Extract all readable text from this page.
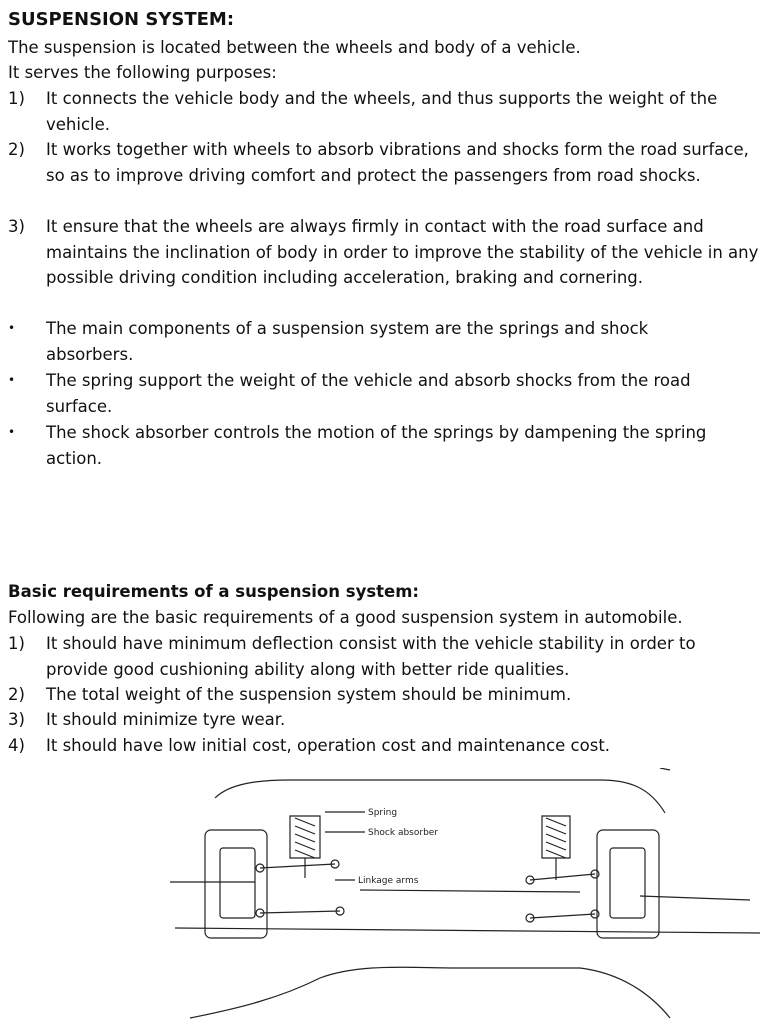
SUSPENSION SYSTEM:
The suspension is located between the wheels and body of a vehicle.
It serves the following purposes:
1) It connects the vehicle body and the wheels, and thus supports the weight of the vehicle.
2) It works together with wheels to absorb vibrations and shocks form the road surface, so as to improve driving comfort and protect the passengers from road shocks.
3) It ensure that the wheels are always firmly in contact with the road surface and maintains the inclination of body in order to improve the stability of the vehicle in any possible driving condition including acceleration, braking and cornering.
• The main components of a suspension system are the springs and shock absorbers.
• The spring support the weight of the vehicle and absorb shocks from the road surface.
• The shock absorber controls the motion of the springs by dampening the spring action.
Basic requirements of a suspension system:
Following are the basic requirements of a good suspension system in automobile.
1) It should have minimum deflection consist with the vehicle stability in order to provide good cushioning ability along with better ride qualities.
2) The total weight of the suspension system should be minimum.
3) It should minimize tyre wear.
4) It should have low initial cost, operation cost and maintenance cost.
Spring
Shock absorber
Linkage arms
